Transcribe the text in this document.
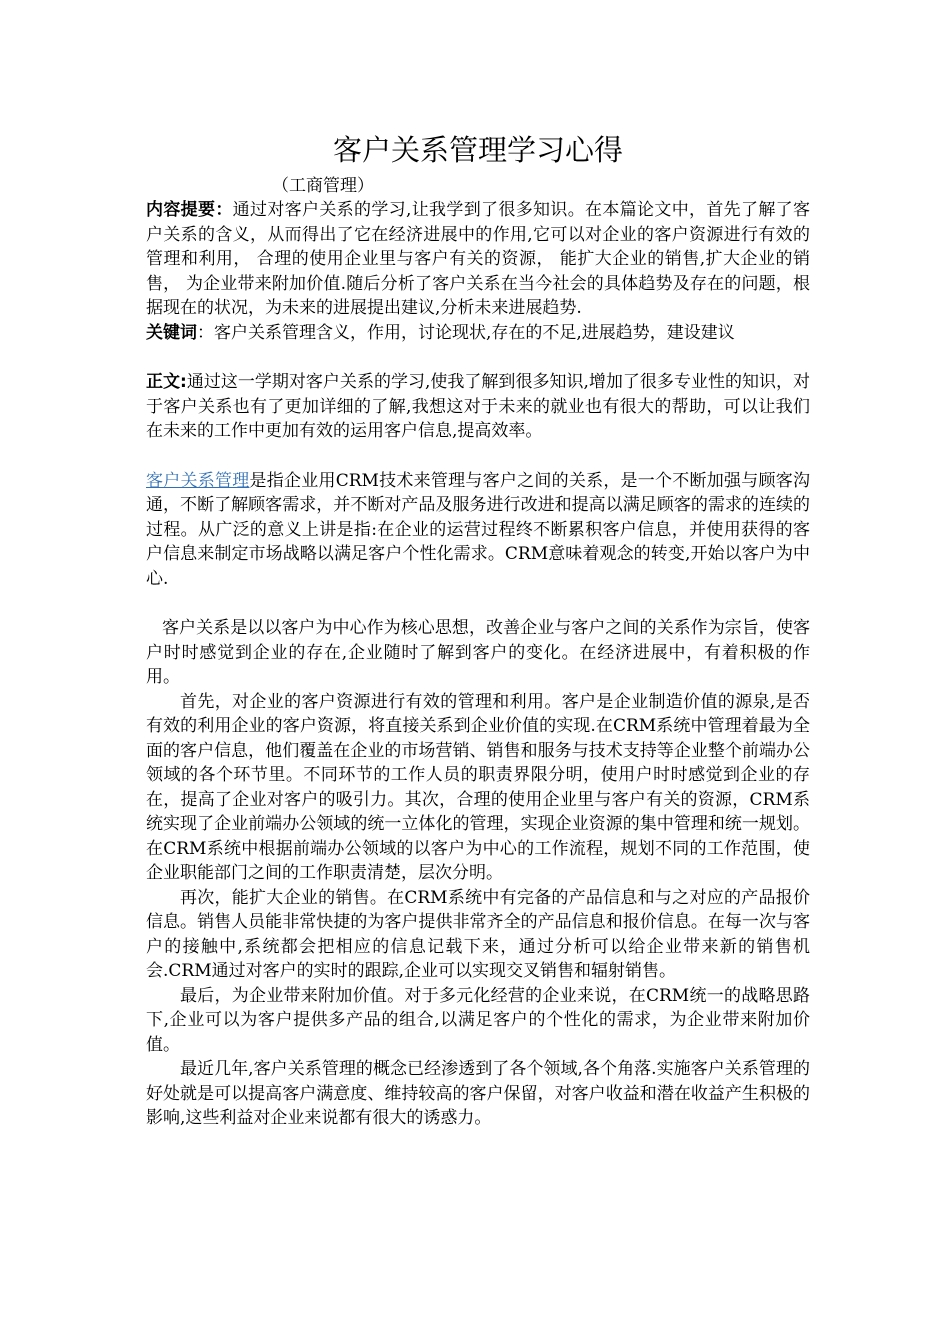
客户关系管理学习心得
（工商管理）

内容提要：通过对客户关系的学习,让我学到了很多知识。在本篇论文中，首先了解了客户关系的含义，从而得出了它在经济进展中的作用,它可以对企业的客户资源进行有效的管理和利用， 合理的使用企业里与客户有关的资源， 能扩大企业的销售,扩大企业的销售， 为企业带来附加价值.随后分析了客户关系在当今社会的具体趋势及存在的问题，根据现在的状况，为未来的进展提出建议,分析未来进展趋势.

关键词：客户关系管理含义，作用，讨论现状,存在的不足,进展趋势，建设建议

正文:通过这一学期对客户关系的学习,使我了解到很多知识,增加了很多专业性的知识，对于客户关系也有了更加详细的了解,我想这对于未来的就业也有很大的帮助，可以让我们在未来的工作中更加有效的运用客户信息,提高效率。

客户关系管理是指企业用CRM技术来管理与客户之间的关系，是一个不断加强与顾客沟通，不断了解顾客需求，并不断对产品及服务进行改进和提高以满足顾客的需求的连续的过程。从广泛的意义上讲是指:在企业的运营过程终不断累积客户信息，并使用获得的客户信息来制定市场战略以满足客户个性化需求。CRM意味着观念的转变,开始以客户为中心.

客户关系是以以客户为中心作为核心思想，改善企业与客户之间的关系作为宗旨，使客户时时感觉到企业的存在,企业随时了解到客户的变化。在经济进展中，有着积极的作用。

首先，对企业的客户资源进行有效的管理和利用。客户是企业制造价值的源泉,是否有效的利用企业的客户资源，将直接关系到企业价值的实现.在CRM系统中管理着最为全面的客户信息，他们覆盖在企业的市场营销、销售和服务与技术支持等企业整个前端办公领域的各个环节里。不同环节的工作人员的职责界限分明，使用户时时感觉到企业的存在，提高了企业对客户的吸引力。其次，合理的使用企业里与客户有关的资源，CRM系统实现了企业前端办公领域的统一立体化的管理，实现企业资源的集中管理和统一规划。在CRM系统中根据前端办公领域的以客户为中心的工作流程，规划不同的工作范围，使企业职能部门之间的工作职责清楚，层次分明。

再次，能扩大企业的销售。在CRM系统中有完备的产品信息和与之对应的产品报价信息。销售人员能非常快捷的为客户提供非常齐全的产品信息和报价信息。在每一次与客户的接触中,系统都会把相应的信息记载下来，通过分析可以给企业带来新的销售机会.CRM通过对客户的实时的跟踪,企业可以实现交叉销售和辐射销售。

最后，为企业带来附加价值。对于多元化经营的企业来说，在CRM统一的战略思路下,企业可以为客户提供多产品的组合,以满足客户的个性化的需求，为企业带来附加价值。

最近几年,客户关系管理的概念已经渗透到了各个领域,各个角落.实施客户关系管理的好处就是可以提高客户满意度、维持较高的客户保留，对客户收益和潜在收益产生积极的影响,这些利益对企业来说都有很大的诱惑力。
